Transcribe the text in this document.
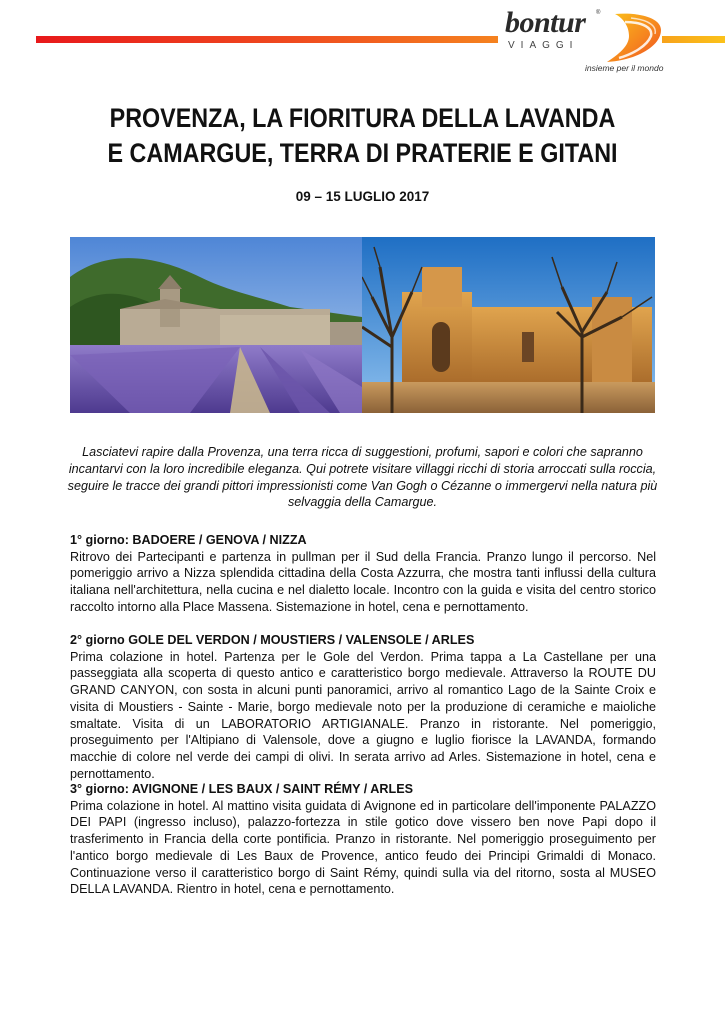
bontur ®
VIAGGI
insieme per il mondo
PROVENZA, LA FIORITURA DELLA LAVANDA
E CAMARGUE, TERRA DI PRATERIE E GITANI
09 – 15 LUGLIO 2017
Lasciatevi rapire dalla Provenza, una terra ricca di suggestioni, profumi, sapori e colori che sapranno incantarvi con la loro incredibile eleganza. Qui potrete visitare villaggi ricchi di storia arroccati sulla roccia, seguire le tracce dei grandi pittori impressionisti come Van Gogh o Cézanne o immergervi nella natura più selvaggia della Camargue.
1° giorno: BADOERE / GENOVA / NIZZA

Ritrovo dei Partecipanti e partenza in pullman per il Sud della Francia. Pranzo lungo il percorso. Nel pomeriggio arrivo a Nizza splendida cittadina della Costa Azzurra, che mostra tanti influssi della cultura italiana nell'architettura, nella cucina e nel dialetto locale. Incontro con la guida e visita del centro storico raccolto intorno alla Place Massena. Sistemazione in hotel, cena e pernottamento.

2° giorno GOLE DEL VERDON / MOUSTIERS / VALENSOLE / ARLES

Prima colazione in hotel. Partenza per le Gole del Verdon. Prima tappa a La Castellane per una passeggiata alla scoperta di questo antico e caratteristico borgo medievale. Attraverso la ROUTE DU GRAND CANYON, con sosta in alcuni punti panoramici, arrivo al romantico Lago de la Sainte Croix e visita di Moustiers - Sainte - Marie, borgo medievale noto per la produzione di ceramiche e maioliche smaltate. Visita di un LABORATORIO ARTIGIANALE. Pranzo in ristorante. Nel pomeriggio, proseguimento per l'Altipiano di Valensole, dove a giugno e luglio fiorisce la LAVANDA, formando macchie di colore nel verde dei campi di olivi. In serata arrivo ad Arles. Sistemazione in hotel, cena e pernottamento.

3° giorno: AVIGNONE / LES BAUX / SAINT RÉMY / ARLES

Prima colazione in hotel. Al mattino visita guidata di Avignone ed in particolare dell'imponente PALAZZO DEI PAPI (ingresso incluso), palazzo-fortezza in stile gotico dove vissero ben nove Papi dopo il trasferimento in Francia della corte pontificia. Pranzo in ristorante. Nel pomeriggio proseguimento per l'antico borgo medievale di Les Baux de Provence, antico feudo dei Principi Grimaldi di Monaco. Continuazione verso il caratteristico borgo di Saint Rémy, quindi sulla via del ritorno, sosta al MUSEO DELLA LAVANDA. Rientro in hotel, cena e pernottamento.
